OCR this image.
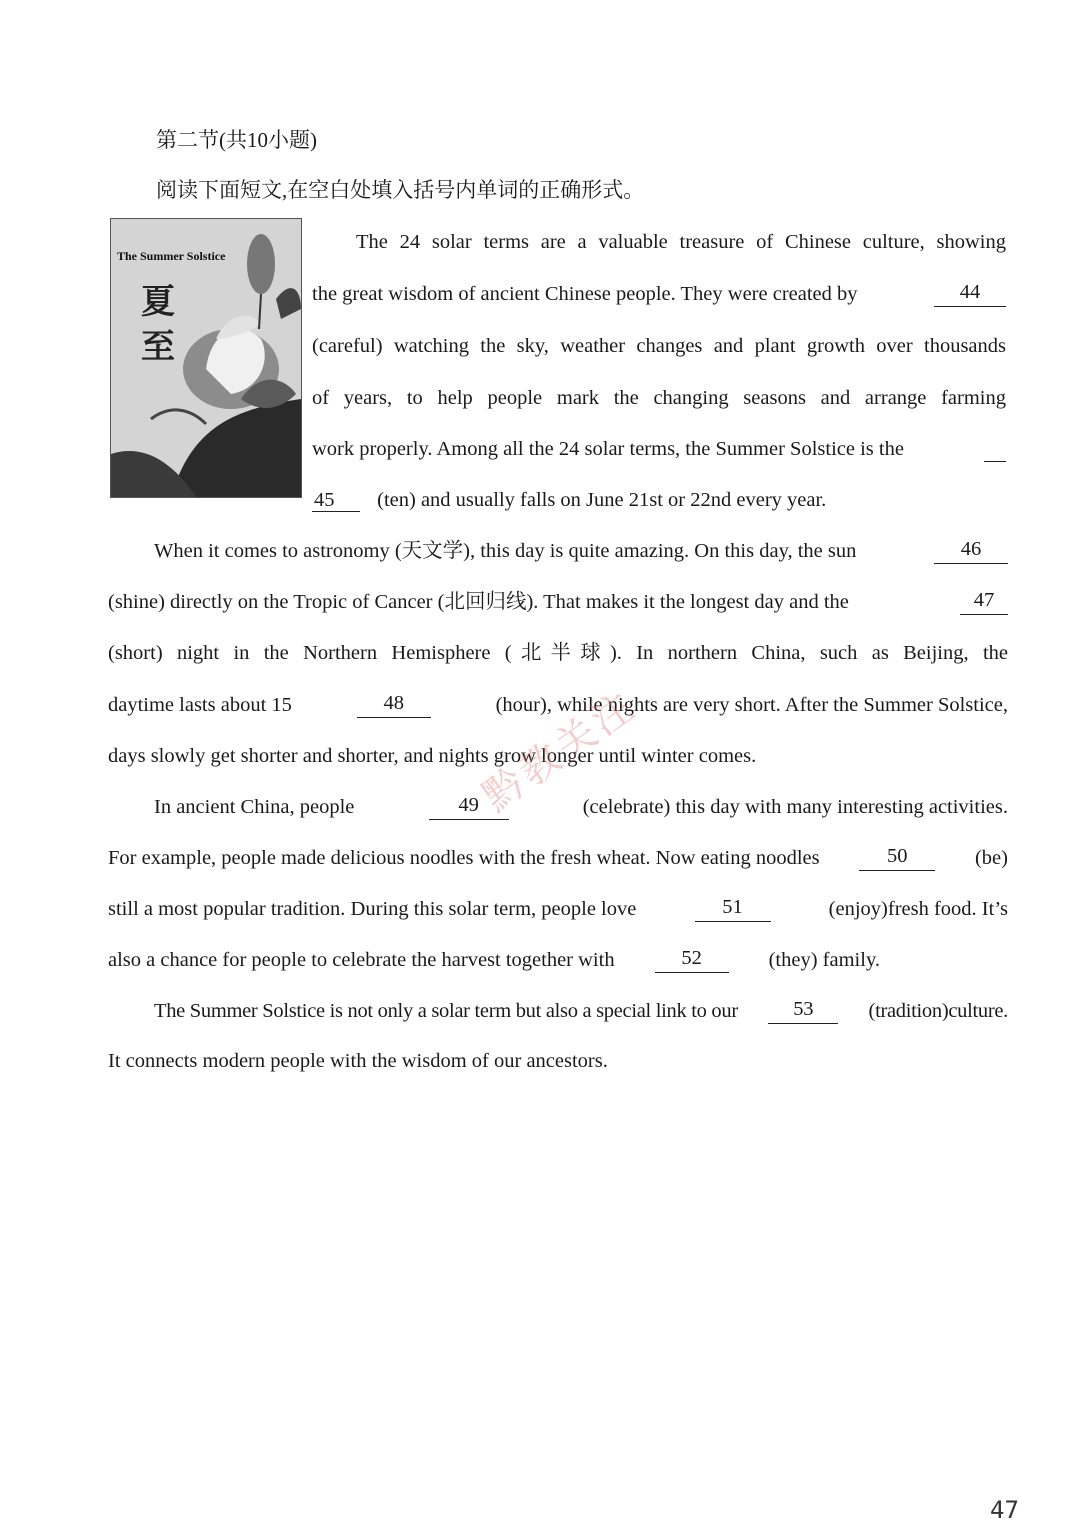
第二节(共10小题)
阅读下面短文,在空白处填入括号内单词的正确形式。
The Summer Solstice
夏
至
The 24 solar terms are a valuable treasure of Chinese culture, showing
the great wisdom of ancient Chinese people. They were created by	44
(careful) watching the sky, weather changes and plant growth over thousands
of years, to help people mark the changing seasons and arrange farming
work properly. Among all the 24 solar terms, the Summer Solstice is the
45 (ten) and usually falls on June 21st or 22nd every year.
When it comes to astronomy (天文学), this day is quite amazing. On this day, the sun	46
(shine) directly on the Tropic of Cancer (北回归线). That makes it the longest day and the	47
(short) night in the Northern Hemisphere (北半球). In northern China, such as Beijing, the
daytime lasts about 15	48	(hour), while nights are very short. After the Summer Solstice,
days slowly get shorter and shorter, and nights grow longer until winter comes.
In ancient China, people	49	(celebrate) this day with many interesting activities.
For example, people made delicious noodles with the fresh wheat. Now eating noodles	50	(be)
still a most popular tradition. During this solar term, people love	51	(enjoy)fresh food. It’s
also a chance for people to celebrate the harvest together with	52	(they) family.
The Summer Solstice is not only a solar term but also a special link to our	53	(tradition)culture.
It connects modern people with the wisdom of our ancestors.
黔教关注
47
